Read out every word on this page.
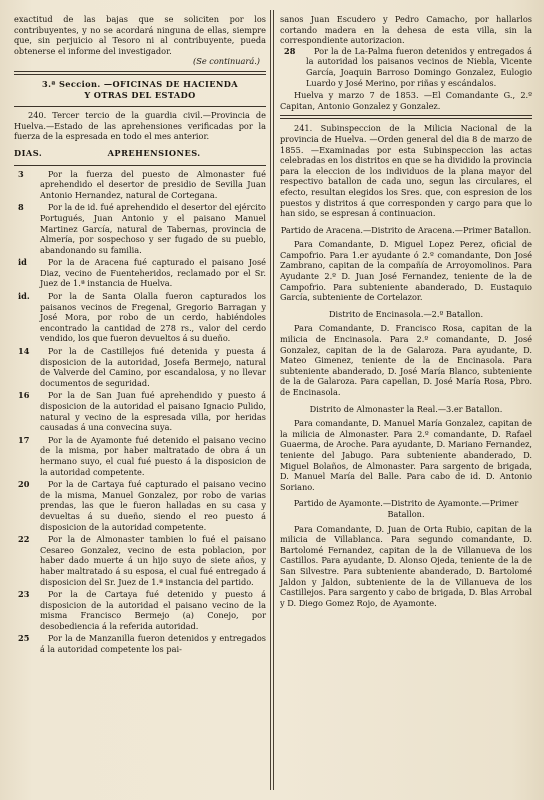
exactitud de las bajas que se soliciten por los contribuyentes, y no se acordará ninguna de ellas, siempre que, sin perjuicio al Tesoro ni al contribuyente, pueda obtenerse el informe del investigador.

(Se continuará.)

3.ª Seccion. —OFICINAS DE HACIENDA

Y OTRAS DEL ESTADO

240. Tercer tercio de la guardia civil.—Provincia de Huelva.—Estado de las aprehensiones verificadas por la fuerza de la espresada en todo el mes anterior.

DIAS.	APREHENSIONES.
3	Por la fuerza del puesto de Almonaster fué aprehendido el desertor de presidio de Sevilla Juan Antonio Hernandez, natural de Cortegana.
8	Por la de id. fué aprehendido el desertor del ejército Portugués, Juan Antonio y el paisano Manuel Martinez García, natural de Tabernas, provincia de Almería, por sospechoso y ser fugado de su pueblo, abandonando su familia.
id	Por la de Aracena fué capturado el paisano José Diaz, vecino de Fuenteheridos, reclamado por el Sr. Juez de 1.ª instancia de Huelva.
id.	Por la de Santa Olalla fueron capturados los paisanos vecinos de Fregenal, Gregorio Barragan y José Mora, por robo de un cerdo, habiéndoles encontrado la cantidad de 278 rs., valor del cerdo vendido, los que fueron devueltos á su dueño.
14	Por la de Castillejos fué detenida y puesta á disposicion de la autoridad, Josefa Bermejo, natural de Valverde del Camino, por escandalosa, y no llevar documentos de seguridad.
16	Por la de San Juan fué aprehendido y puesto á disposicion de la autoridad el paisano Ignacio Pulido, natural y vecino de la espresada villa, por heridas causadas á una convecina suya.
17	Por la de Ayamonte fué detenido el paisano vecino de la misma, por haber maltratado de obra á un hermano suyo, el cual fué puesto á la disposicion de la autoridad competente.
20	Por la de Cartaya fué capturado el paisano vecino de la misma, Manuel Gonzalez, por robo de varias prendas, las que le fueron halladas en su casa y devueltas á su dueño, siendo el reo puesto á disposicion de la autoridad competente.
22	Por la de Almonaster tambien lo fué el paisano Cesareo Gonzalez, vecino de esta poblacion, por haber dado muerte á un hijo suyo de siete años, y haber maltratado á su esposa, el cual fué entregado á disposicion del Sr. Juez de 1.ª instancia del partido.
23	Por la de Cartaya fué detenido y puesto á disposicion de la autoridad el paisano vecino de la misma Francisco Bermejo (a) Conejo, por desobediencia á la referida autoridad.
25	Por la de Manzanilla fueron detenidos y entregados á la autoridad competente los pai-

sanos Juan Escudero y Pedro Camacho, por hallarlos cortando madera en la dehesa de esta villa, sin la correspondiente autorizacion.

28	Por la de La-Palma fueron detenidos y entregados á la autoridad los paisanos vecinos de Niebla, Vicente García, Joaquin Barroso Domingo Gonzalez, Eulogio Luardo y José Merino, por riñas y escándalos.

Huelva y marzo 7 de 1853. —El Comandante G., 2.º Capitan, Antonio Gonzalez y Gonzalez.

241. Subinspeccion de la Milicia Nacional de la provincia de Huelva. —Orden general del dia 8 de marzo de 1855. —Examinadas por esta Subinspeccion las actas celebradas en los distritos en que se ha dividido la provincia para la eleccion de los individuos de la plana mayor del respectivo batallon de cada uno, segun las circulares, el efecto, resultan elegidos los Sres. que, con espresion de los puestos y distritos á que corresponden y cargo para que lo han sido, se espresan á continuacion.

Partido de Aracena.—Distrito de Aracena.—Primer Batallon.

Para Comandante, D. Miguel Lopez Perez, oficial de Campofrio. Para 1.er ayudante ó 2.º comandante, Don José Zambrano, capitan de la compañía de Arroyomolinos. Para Ayudante 2.º D. Juan José Fernandez, teniente de la de Campofrio. Para subteniente abanderado, D. Eustaquio García, subteniente de Cortelazor.

Distrito de Encinasola.—2.º Batallon.

Para Comandante, D. Francisco Rosa, capitan de la milicia de Encinasola. Para 2.º comandante, D. José Gonzalez, capitan de la de Galaroza. Para ayudante, D. Mateo Gimenez, teniente de la de Encinasola. Para subteniente abanderado, D. José María Blanco, subteniente de la de Galaroza. Para capellan, D. José María Rosa, Pbro. de Encinasola.

Distrito de Almonaster la Real.—3.er Batallon.

Para comandante, D. Manuel María Gonzalez, capitan de la milicia de Almonaster. Para 2.º comandante, D. Rafael Guaerma, de Aroche. Para ayudante, D. Mariano Fernandez, teniente del Jabugo. Para subteniente abanderado, D. Miguel Bolaños, de Almonaster. Para sargento de brigada, D. Manuel María del Balle. Para cabo de id. D. Antonio Soriano.

Partido de Ayamonte.—Distrito de Ayamonte.—Primer Batallon.

Para Comandante, D. Juan de Orta Rubio, capitan de la milicia de Villablanca. Para segundo comandante, D. Bartolomé Fernandez, capitan de la de Villanueva de los Castillos. Para ayudante, D. Alonso Ojeda, teniente de la de San Silvestre. Para subteniente abanderado, D. Bartolomé Jaldon y Jaldon, subteniente de la de Villanueva de los Castillejos. Para sargento y cabo de brigada, D. Blas Arrobal y D. Diego Gomez Rojo, de Ayamonte.
